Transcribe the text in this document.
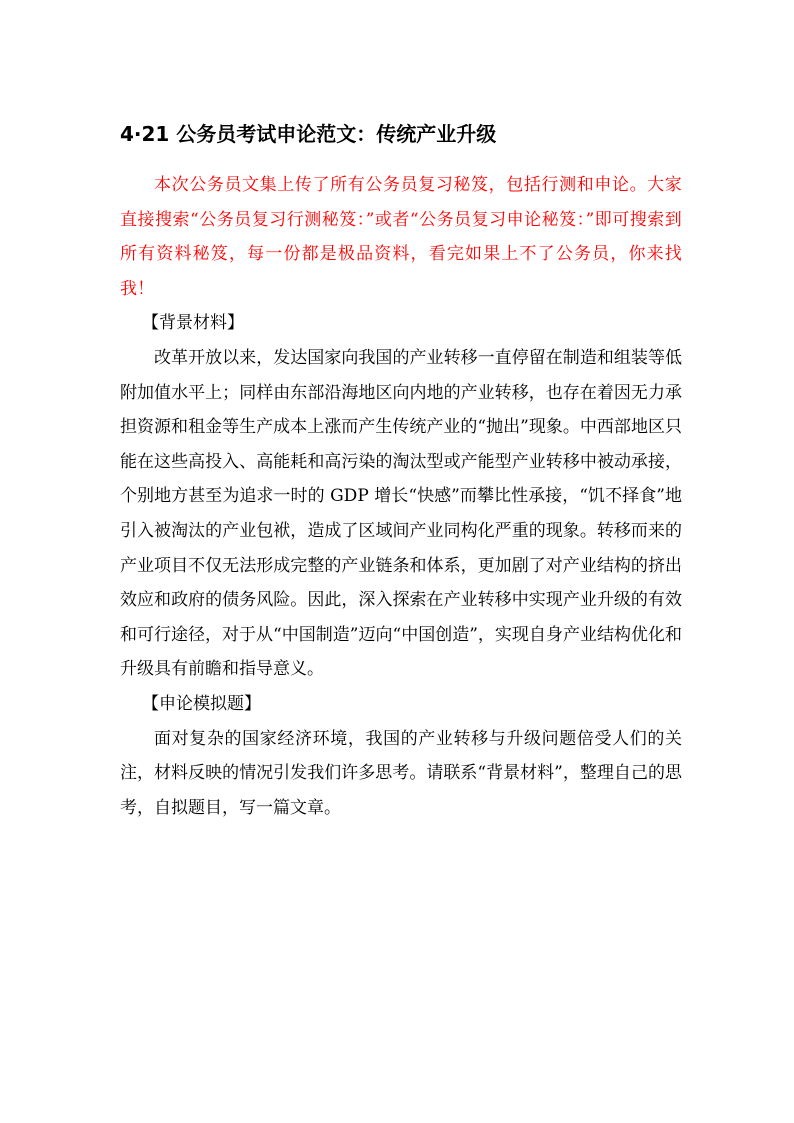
4·21 公务员考试申论范文：传统产业升级

本次公务员文集上传了所有公务员复习秘笈，包括行测和申论。大家直接搜索“公务员复习行测秘笈：”或者“公务员复习申论秘笈：”即可搜索到所有资料秘笈，每一份都是极品资料，看完如果上不了公务员，你来找我！

【背景材料】

改革开放以来，发达国家向我国的产业转移一直停留在制造和组装等低附加值水平上；同样由东部沿海地区向内地的产业转移，也存在着因无力承担资源和租金等生产成本上涨而产生传统产业的“抛出”现象。中西部地区只能在这些高投入、高能耗和高污染的淘汰型或产能型产业转移中被动承接，个别地方甚至为追求一时的 GDP 增长“快感”而攀比性承接，“饥不择食”地引入被淘汰的产业包袱，造成了区域间产业同构化严重的现象。转移而来的产业项目不仅无法形成完整的产业链条和体系，更加剧了对产业结构的挤出效应和政府的债务风险。因此，深入探索在产业转移中实现产业升级的有效和可行途径，对于从“中国制造”迈向“中国创造”，实现自身产业结构优化和升级具有前瞻和指导意义。

【申论模拟题】

面对复杂的国家经济环境，我国的产业转移与升级问题倍受人们的关注，材料反映的情况引发我们许多思考。请联系“背景材料”，整理自己的思考，自拟题目，写一篇文章。
